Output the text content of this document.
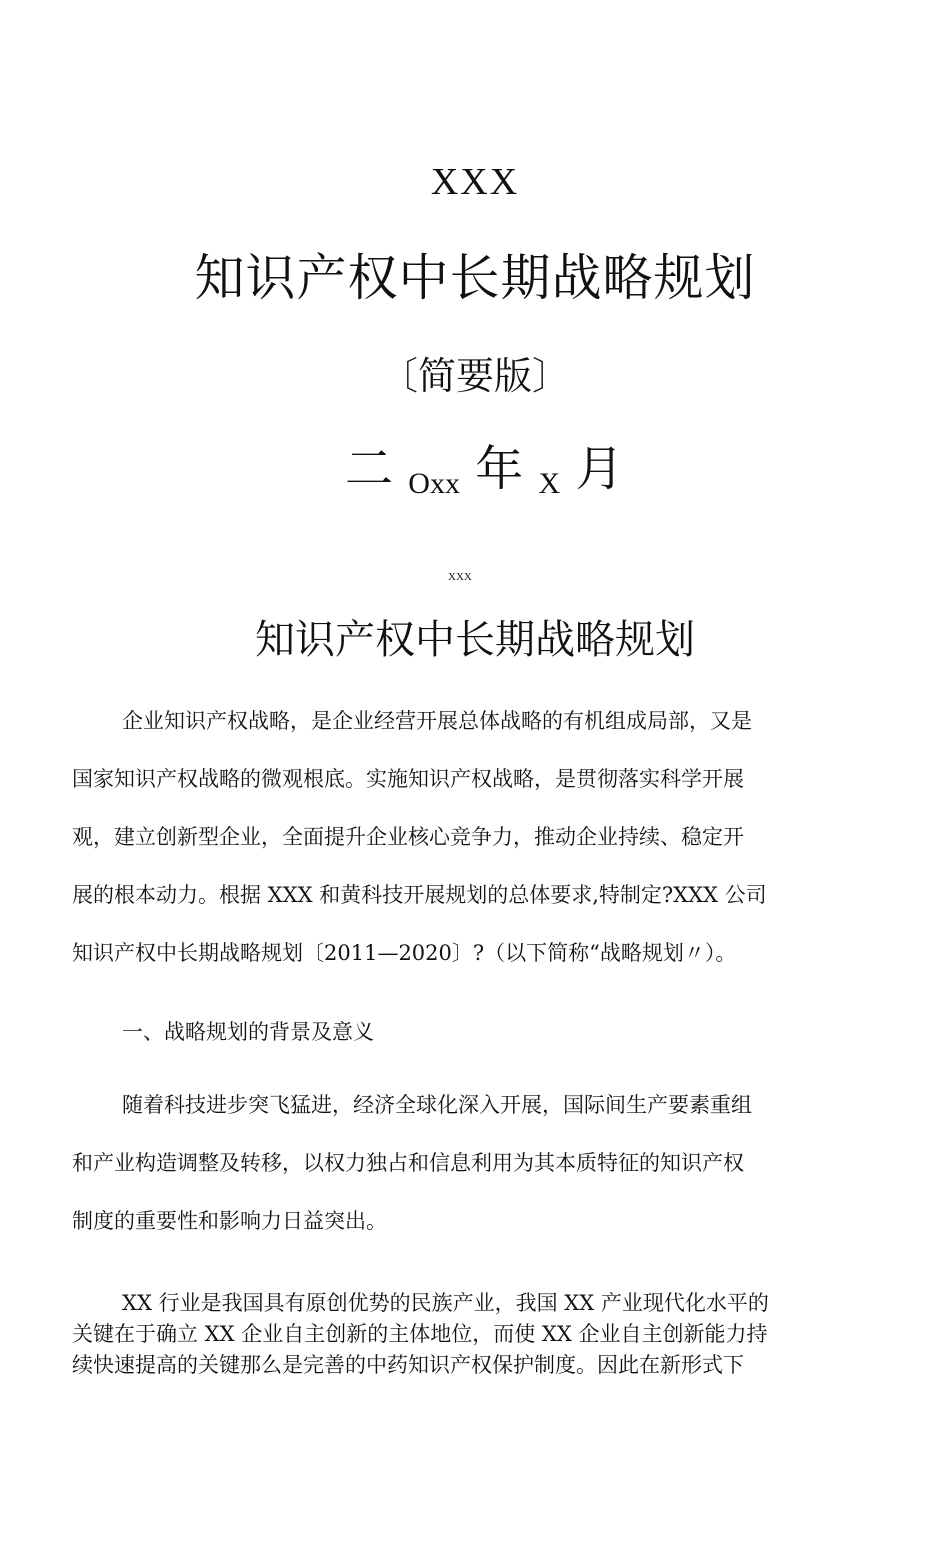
XXX
知识产权中长期战略规划
〔简要版〕
二 Oxx 年 X 月
XXX
知识产权中长期战略规划
企业知识产权战略，是企业经营开展总体战略的有机组成局部，又是
国家知识产权战略的微观根底。实施知识产权战略，是贯彻落实科学开展
观，建立创新型企业，全面提升企业核心竞争力，推动企业持续、稳定开
展的根本动力。根据 XXX 和黄科技开展规划的总体要求,特制定?XXX 公司
知识产权中长期战略规划〔2011—2020〕?（以下简称“战略规划〃）。
一、战略规划的背景及意义
随着科技进步突飞猛进，经济全球化深入开展，国际间生产要素重组
和产业构造调整及转移，以权力独占和信息利用为其本质特征的知识产权
制度的重要性和影响力日益突出。
XX 行业是我国具有原创优势的民族产业，我国 XX 产业现代化水平的
关键在于确立 XX 企业自主创新的主体地位，而使 XX 企业自主创新能力持
续快速提高的关键那么是完善的中药知识产权保护制度。因此在新形式下
